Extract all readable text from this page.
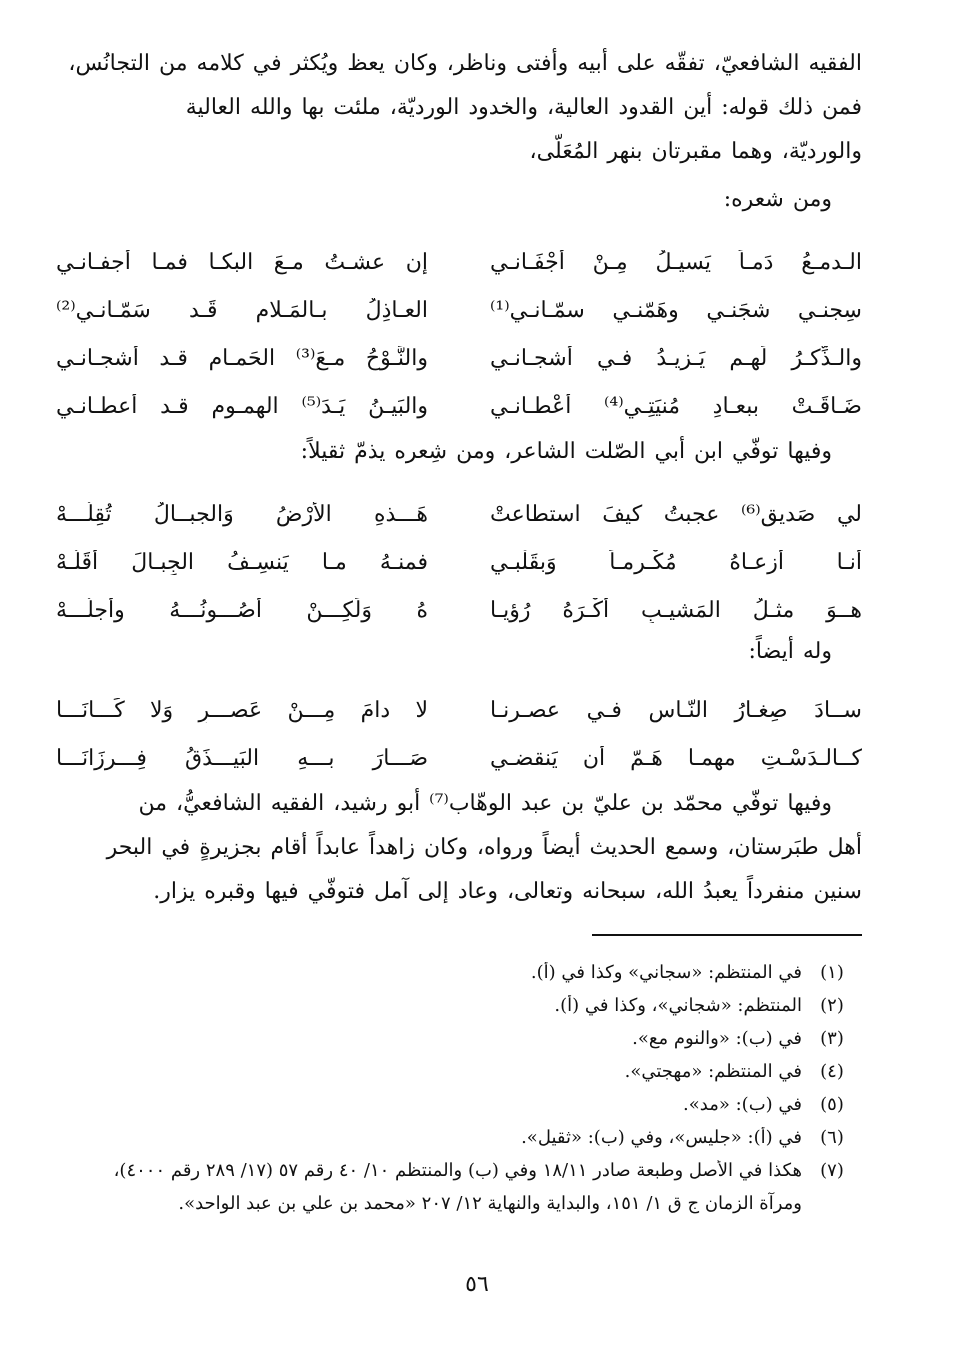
الفقيه الشافعيّ، تفقّه على أبيه وأفتى وناظر، وكان يعظ ويُكثر في كلامه من التجانُس،
فمن ذلك قوله: أين القدود العالية، والخدود الورديّة، ملئت بها والله العالية
والورديّة، وهما مقبرتان بنهر المُعَلّى،
ومن شعره:
الـدمـعُ دَمـاً يَسيـلُ مِـنْ أجْفَـانـي
إن عشـتُ مـعَ البكـا فمـا أجفـانـي
سِجنـي شجَنـي وهَمّنـي سمّـانـي⁽¹⁾
العـاذِلُ بـالمَـلامِ قَـد سَمّـانـي⁽²⁾
والـذِّكـرُ لَهـم يَـزيـدُ فـي أشجـانـي
والنَّـوْحُ مـعَ⁽³⁾ الحَمـامِ قـد أشجـانـي
ضَـاقَـتْ ببعـادِ مُنيَتِـي⁽⁴⁾ أعْطـانـي
والبَيـنُ يَـدَ⁽⁵⁾ الهمـومِ قـد أعطـانـي
وفيها توفّي ابن أبي الصّلت الشاعر، ومن شِعره يذمّ ثقيلاً:
لي صَديق⁽⁶⁾ عجبتُ كيفَ استطاعتْ
هَـــذهِ الأرْضُ وَالجبــالُ تُقِلّـــهْ
أنـا أزعـاهُ مُكْـرِمـاً وَبقَلْبـي
فمنـهُ مـا يَنسِـفُ الجِبـالَ أقَلّـهْ
هــوَ مثـلُ المَشيـبِ أكْـرَهُ رُؤيـا
هُ وَلَكِـــنْ أصُـــونُـــهُ وأُجلّـــهْ
وله أيضاً:
ســادَ صِغـارُ النّـاسِ فـي عصـرِنـا
لا دامَ مِـــنْ عَصـــرٍ وَلا كَـــانَـــا
كــالـدَسْـتِ مهمـا هَـمّ أن يَنقضـي
صَـــارَ بـــهِ البَيـــذَقُ فِـــرزَانَـــا
وفيها توفّي محمّد بن عليّ بن عبد الوهّاب⁽⁷⁾ أبو رشيد، الفقيه الشافعيُّ، من
أهل طبَرستان، وسمع الحديث أيضاً ورواه، وكان زاهداً عابداً أقام بجزيرةٍ في البحر
سنين منفرداً يعبدُ الله، سبحانه وتعالى، وعاد إلى آمل فتوفّي فيها وقبره يزار.
(١)
في المنتظم: «سجاني» وكذا في (أ).
(٢)
المنتظم: «شجاني»، وكذا في (أ).
(٣)
في (ب): «والنوم مع».
(٤)
في المنتظم: «مهجتي».
(٥)
في (ب): «مد».
(٦)
في (أ): «جليس»، وفي (ب): «ثقيل».
(٧)
هكذا في الأصل وطبعة صادر ١٨/١١ وفي (ب) والمنتظم ١٠/ ٤٠ رقم ٥٧ (١٧/ ٢٨٩ رقم ٤٠٠٠)،
ومرآة الزمان ج ق ١/ ١٥١، والبداية والنهاية ١٢/ ٢٠٧ «محمد بن علي بن عبد الواحد».
٥٦
